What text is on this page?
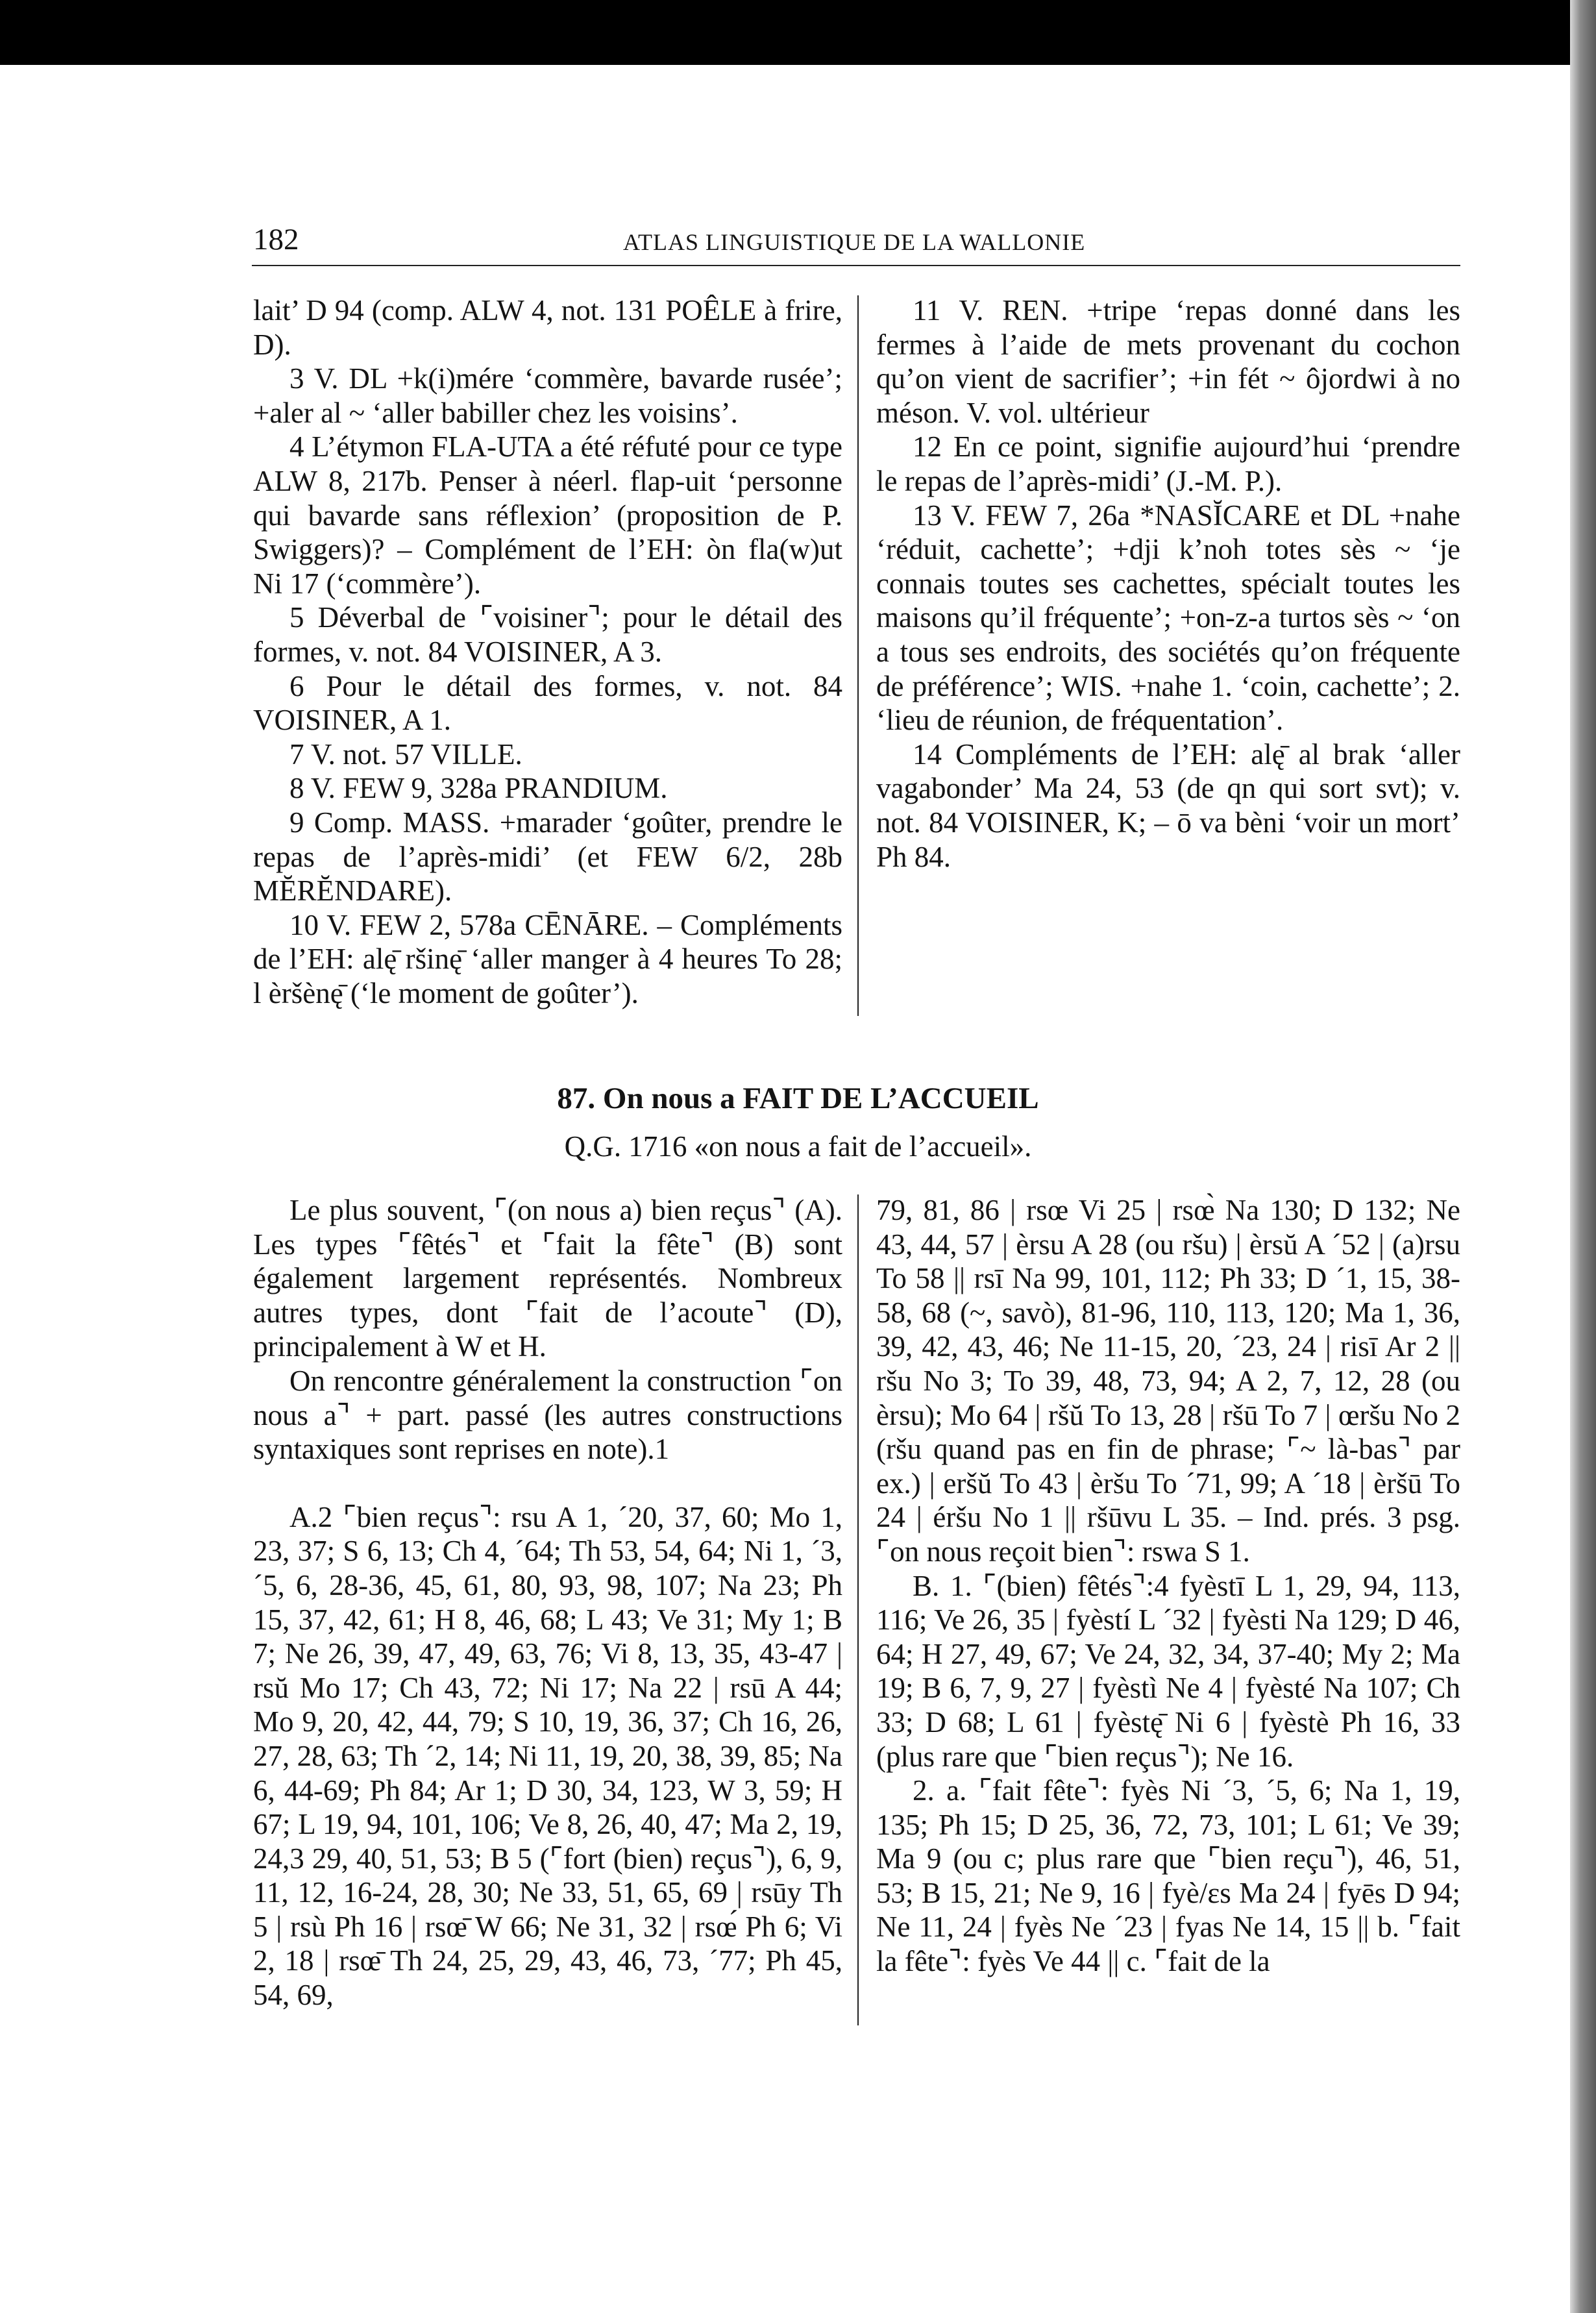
182	ATLAS LINGUISTIQUE DE LA WALLONIE

lait’ D 94 (comp. ALW 4, not. 131 POÊLE à frire, D).

3 V. DL +k(i)mére ‘commère, bavarde rusée’; +aler al ~ ‘aller babiller chez les voisins’.

4 L’étymon FLA-UTA a été réfuté pour ce type ALW 8, 217b. Penser à néerl. flap-uit ‘personne qui bavarde sans réflexion’ (proposition de P. Swiggers)? – Complément de l’EH: òn fla(w)ut Ni 17 (‘commère’).

5 Déverbal de ⌜voisiner⌝; pour le détail des formes, v. not. 84 VOISINER, A 3.

6 Pour le détail des formes, v. not. 84 VOISINER, A 1.

7 V. not. 57 VILLE.

8 V. FEW 9, 328a PRANDIUM.

9 Comp. MASS. +marader ‘goûter, prendre le repas de l’après-midi’ (et FEW 6/2, 28b MĔRĔNDARE).

10 V. FEW 2, 578a CĒNĀRE. – Compléments de l’EH: alę̄ ršinę̄ ‘aller manger à 4 heures To 28; l èršènę̄ (‘le moment de goûter’).

11 V. REN. +tripe ‘repas donné dans les fermes à l’aide de mets provenant du cochon qu’on vient de sacrifier’; +in fét ~ ôjordwi à no méson. V. vol. ultérieur

12 En ce point, signifie aujourd’hui ‘prendre le repas de l’après-midi’ (J.-M. P.).

13 V. FEW 7, 26a *NASĬCARE et DL +nahe ‘réduit, cachette’; +dji k’noh totes sès ~ ‘je connais toutes ses cachettes, spécialt toutes les maisons qu’il fréquente’; +on-z-a turtos sès ~ ‘on a tous ses endroits, des sociétés qu’on fréquente de préférence’; WIS. +nahe 1. ‘coin, cachette’; 2. ‘lieu de réunion, de fréquentation’.

14 Compléments de l’EH: alę̄ al brak ‘aller vagabonder’ Ma 24, 53 (de qn qui sort svt); v. not. 84 VOISINER, K; – ō va bèni ‘voir un mort’ Ph 84.

87. On nous a FAIT DE L’ACCUEIL
Q.G. 1716 «on nous a fait de l’accueil».

Le plus souvent, ⌜(on nous a) bien reçus⌝ (A). Les types ⌜fêtés⌝ et ⌜fait la fête⌝ (B) sont également largement représentés. Nombreux autres types, dont ⌜fait de l’acoute⌝ (D), principalement à W et H.

On rencontre généralement la construction ⌜on nous a⌝ + part. passé (les autres constructions syntaxiques sont reprises en note).1

A.2 ⌜bien reçus⌝: rsu A 1, ´20, 37, 60; Mo 1, 23, 37; S 6, 13; Ch 4, ´64; Th 53, 54, 64; Ni 1, ´3, ´5, 6, 28-36, 45, 61, 80, 93, 98, 107; Na 23; Ph 15, 37, 42, 61; H 8, 46, 68; L 43; Ve 31; My 1; B 7; Ne 26, 39, 47, 49, 63, 76; Vi 8, 13, 35, 43-47 | rsŭ Mo 17; Ch 43, 72; Ni 17; Na 22 | rsū A 44; Mo 9, 20, 42, 44, 79; S 10, 19, 36, 37; Ch 16, 26, 27, 28, 63; Th ´2, 14; Ni 11, 19, 20, 38, 39, 85; Na 6, 44-69; Ph 84; Ar 1; D 30, 34, 123, W 3, 59; H 67; L 19, 94, 101, 106; Ve 8, 26, 40, 47; Ma 2, 19, 24,3 29, 40, 51, 53; B 5 (⌜fort (bien) reçus⌝), 6, 9, 11, 12, 16-24, 28, 30; Ne 33, 51, 65, 69 | rsūy Th 5 | rsù Ph 16 | rsœ̄ W 66; Ne 31, 32 | rsœ́ Ph 6; Vi 2, 18 | rsœ̄ Th 24, 25, 29, 43, 46, 73, ´77; Ph 45, 54, 69,

79, 81, 86 | rsœ Vi 25 | rsœ̀ Na 130; D 132; Ne 43, 44, 57 | èrsu A 28 (ou ršu) | èrsŭ A ´52 | (a)rsu To 58 || rsī Na 99, 101, 112; Ph 33; D ´1, 15, 38-58, 68 (~, savò), 81-96, 110, 113, 120; Ma 1, 36, 39, 42, 43, 46; Ne 11-15, 20, ´23, 24 | risī Ar 2 || ršu No 3; To 39, 48, 73, 94; A 2, 7, 12, 28 (ou èrsu); Mo 64 | ršŭ To 13, 28 | ršū To 7 | œršu No 2 (ršu quand pas en fin de phrase; ⌜~ là-bas⌝ par ex.) | eršŭ To 43 | èršu To ´71, 99; A ´18 | èršū To 24 | éršu No 1 || ršūvu L 35. – Ind. prés. 3 psg. ⌜on nous reçoit bien⌝: rswa S 1.

B. 1. ⌜(bien) fêtés⌝:4 fyèstī L 1, 29, 94, 113, 116; Ve 26, 35 | fyèstí L ´32 | fyèsti Na 129; D 46, 64; H 27, 49, 67; Ve 24, 32, 34, 37-40; My 2; Ma 19; B 6, 7, 9, 27 | fyèstì Ne 4 | fyèsté Na 107; Ch 33; D 68; L 61 | fyèstę̄ Ni 6 | fyèstè Ph 16, 33 (plus rare que ⌜bien reçus⌝); Ne 16.

2. a. ⌜fait fête⌝: fyès Ni ´3, ´5, 6; Na 1, 19, 135; Ph 15; D 25, 36, 72, 73, 101; L 61; Ve 39; Ma 9 (ou c; plus rare que ⌜bien reçu⌝), 46, 51, 53; B 15, 21; Ne 9, 16 | fyè/ɛs Ma 24 | fyēs D 94; Ne 11, 24 | fyès Ne ´23 | fyas Ne 14, 15 || b. ⌜fait la fête⌝: fyès Ve 44 || c. ⌜fait de la
